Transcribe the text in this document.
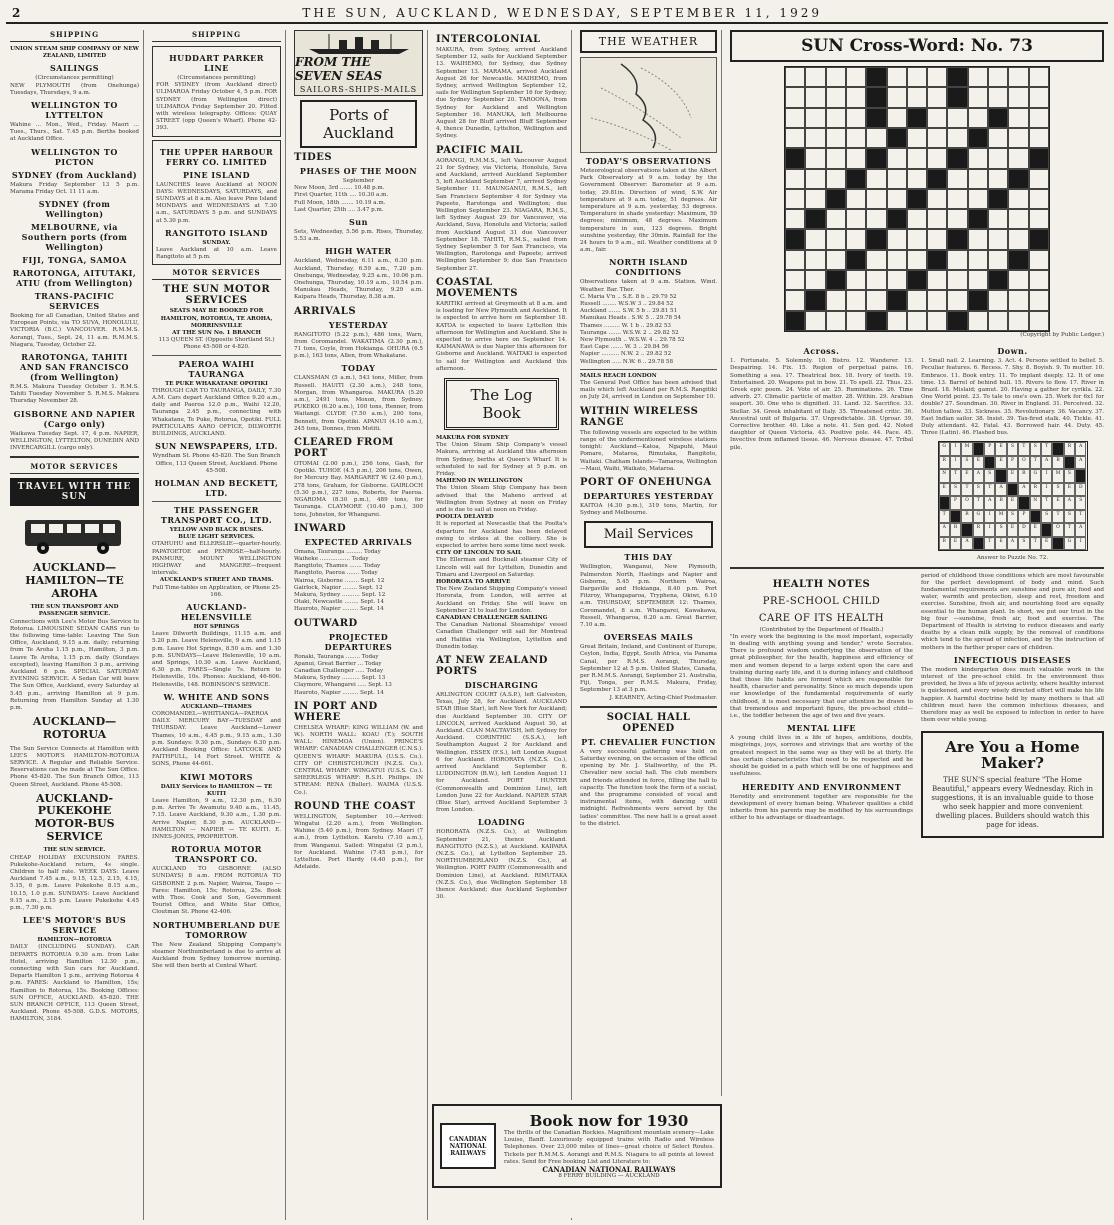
2	THE SUN, AUCKLAND, WEDNESDAY, SEPTEMBER 11, 1929
SHIPPING
UNION STEAM SHIP COMPANY OF NEW ZEALAND, LIMITED
SAILINGS
(Circumstances permitting)
NEW PLYMOUTH (from Onehunga) Tuesdays, Thursdays, 9 a.m.
WELLINGTON TO LYTTELTON
Wahine ... Mon., Wed., Friday. Maori ... Tues., Thurs., Sat. 7.45 p.m. Berths booked at Auckland Office.
WELLINGTON TO PICTON
SYDNEY (from Auckland)
Makura Friday September 13 5 p.m. Marama Friday Oct. 11 11 a.m.
SYDNEY (from Wellington)
MELBOURNE, via Southern ports (from Wellington)
FIJI, TONGA, SAMOA
RAROTONGA, AITUTAKI, ATIU (from Wellington)
TRANS-PACIFIC SERVICES
Booking for all Canadian, United States and European Points, via TO SUVA, HONOLULU, VICTORIA (B.C.) VANCOUVER. R.M.M.S. Aorangi, Tues., Sept. 24, 11 a.m. R.M.M.S. Niagara, Tuesday, October 22.
RAROTONGA, TAHITI AND SAN FRANCISCO (from Wellington)
R.M.S. Makura Tuesday October 1. R.M.S. Tahiti Tuesday November 5. R.M.S. Makura Thursday November 28.
GISBORNE AND NAPIER (Cargo only)
Waikawa Tuesday Sept. 17, 4 p.m. NAPIER, WELLINGTON, LYTTELTON, DUNEDIN AND INVERCARGILL (cargo only).
MOTOR SERVICES
TRAVEL WITH THE SUN
AUCKLAND—HAMILTON—TE AROHA
THE SUN TRANSPORT AND PASSENGER SERVICE.
Connections with Lee's Motor Bus Service to Rotorua. LIMOUSINE SEDAN CARS run to the following time-table: Leaving The Sun Office, Auckland, 9.15 a.m. daily; returning from Te Aroha 1.15 p.m., Hamilton, 3 p.m. Leave Te Aroha, 1.15 p.m. daily (Sundays excepted), leaving Hamilton 3 p.m., arriving Auckland 6 p.m. SPECIAL SATURDAY EVENING SERVICE. A Sedan Car will leave The Sun Office, Auckland, every Saturday at 5.45 p.m., arriving Hamilton at 9 p.m. Returning from Hamilton Sunday at 1.30 p.m.
AUCKLAND—ROTORUA
The Sun Service Connects at Hamilton with LEE'S MOTOR'S HAMILTON-ROTORUA SERVICE. A Regular and Reliable Service. Reservations can be made at The Sun Office. Phone 45-820. The Sun Branch Office, 113 Queen Street, Auckland. Phone 45-508.
AUCKLAND-PUKEKOHE MOTOR-BUS SERVICE
THE SUN SERVICE.
CHEAP HOLIDAY EXCURSION FARES. Pukekohe-Auckland return, 4s single. Children to half rate. WEEK DAYS: Leave Auckland 7.45 a.m., 9.15, 12.5, 2.15, 4.15, 5.15, 6 p.m. Leave Pukekohe 8.15 a.m., 10.15, 1.0 p.m. SUNDAYS: Leave Auckland 9.15 a.m., 2.15 p.m. Leave Pukekohe 4.45 p.m., 7.30 p.m.
LEE'S MOTOR'S BUS SERVICE
HAMILTON—ROTORUA
DAILY (INCLUDING SUNDAY). CAR DEPARTS ROTORUA 9.30 a.m. from Lake Hotel, arriving Hamilton 12.30 p.m., connecting with Sun cars for Auckland. Departs Hamilton 1 p.m., arriving Rotorua 4 p.m. FARES: Auckland to Hamilton, 15s; Hamilton to Rotorua, 15s. Booking Offices: SUN OFFICE, AUCKLAND. 45-820. THE SUN BRANCH OFFICE, 113 Queen Street, Auckland. Phone 45-508. G.D.S. MOTORS, HAMILTON, 3184.
SHIPPING
HUDDART PARKER LINE
(Circumstances permitting)
FOR SYDNEY (from Auckland direct) ULIMAROA Friday October 4, 5 p.m. FOR SYDNEY (from Wellington direct) ULIMAROA Friday September 20. Fitted with wireless telegraphy. Offices: QUAY STREET (opp Queen's Wharf). Phone 42-393.
THE UPPER HARBOUR FERRY CO. LIMITED
PINE ISLAND
LAUNCHES leave Auckland at NOON DAYS: WEDNESDAYS, SATURDAYS, and SUNDAYS at 8 a.m. Also leave Pine Island MONDAYS and WEDNESDAYS at 7.30 a.m., SATURDAYS 5 p.m. and SUNDAYS at 5.30 p.m.
RANGITOTO ISLAND
SUNDAY.
Leave Auckland at 10 a.m. Leave Rangitoto at 5 p.m.
MOTOR SERVICES
THE SUN MOTOR SERVICES
SEATS MAY BE BOOKED FOR HAMILTON, ROTORUA, TE AROHA, MORRINSVILLE
AT THE SUN No. 1 BRANCH
113 QUEEN ST. (Opposite Shortland St.) Phone 45-508 or 4-820.
PAEROA WAIHI TAURANGA
TE PUKE WHAKATANE OPOTIKI
THROUGH CAR TO TAURANGA, DAILY, 7.30 A.M. Cars depart Auckland Office 9.20 a.m., daily and Paeroa 12.0 p.m., Waihi 12.20, Tauranga 2.45 p.m., connecting with Whakatane, Te Puke, Rotorua, Opotiki. FULL PARTICULARS AARO OFFICE, DILWORTH BUILDINGS, AUCKLAND.
SUN NEWSPAPERS, LTD.
Wyndham St. Phone 45-820. The Sun Branch Office, 113 Queen Street, Auckland. Phone 45-508.
HOLMAN AND BECKETT, LTD.
THE PASSENGER TRANSPORT CO., LTD.
YELLOW AND BLACK BUSES.
BLUE LIGHT SERVICES.
OTAHUHU and ELLERSLIE—quarter-hourly. PAPATOETOE and PENROSE—half-hourly. PANMURE, MOUNT WELLINGTON HIGHWAY and MANGERE—frequent intervals.
AUCKLAND'S STREET AND TRAMS.
Full Time-tables on Application, or Phone 25-166.
AUCKLAND-HELENSVILLE
HOT SPRINGS
Leave Dilworth Buildings, 11.15 a.m. and 5.20 p.m. Leave Helensville, 9 a.m. and 1.15 p.m. Leave Hot Springs, 8.50 a.m. and 1.30 p.m. SUNDAYS—Leave Helensville, 10 a.m. and Springs, 10.30 a.m. Leave Auckland, 6.30 p.m. FARES—Single 7s. Return to Helensville, 10s. Phones: Auckland, 46-606. Helensville, 148. ROBINSON'S SERVICE.
W. WHITE AND SONS
AUCKLAND—THAMES
COROMANDEL—WHITIANGA—PAEROA DAILY. MERCURY BAY—TUESDAY and THURSDAY. Leave Auckland—Lower Thames, 10 a.m., 4.45 p.m., 9.15 a.m., 1.30 p.m. Sundays: 9.30 p.m., Sundays 6.30 p.m. Auckland Booking Office: LATCOCK AND FAITHFULL, 14 Fort Street. WHITE & SONS, Phone 44-661.
KIWI MOTORS
DAILY Services to HAMILTON — TE KUITI
Leave Hamilton, 9 a.m., 12.30 p.m., 6.30 p.m. Arrive Te Awamutu 9.40 a.m., 11.45, 7.15. Leave Auckland, 9.30 a.m., 1.30 p.m. Arrive Napier, 8.30 p.m. AUCKLAND—HAMILTON — NAPIER — TE KUITI. E. INNES-JONES, PROPRIETOR.
ROTORUA MOTOR TRANSPORT CO.
AUCKLAND TO GISBORNE (ALSO SUNDAYS) 8 a.m. FROM ROTORUA TO GISBORNE 2 p.m. Napier, Wairoa, Taupo — Fares: Hamilton, 15s; Rotorua, 25s. Book with Thos. Cook and Son, Government Tourist Office, and White Star Office, Cloutman St. Phone 42-406.
NORTHUMBERLAND DUE TOMORROW
The New Zealand Shipping Company's steamer Northumberland is due to arrive at Auckland from Sydney tomorrow morning. She will then berth at Central Wharf.
FROM THE SEVEN SEAS
SAILORS-SHIPS-MAILS
Ports of
Auckland
TIDES
PHASES OF THE MOON
September
New Moon, 3rd ....... 10.48 p.m.
First Quarter, 11th .... 10.30 a.m.
Full Moon, 18th ....... 10.19 a.m.
Last Quarter, 25th .... 3.47 p.m.
Sun
Sets, Wednesday, 5.56 p.m. Rises, Thursday, 5.53 a.m.
HIGH WATER
Auckland, Wednesday, 6.11 a.m., 6.30 p.m. Auckland, Thursday, 6.59 a.m., 7.20 p.m. Onehunga, Wednesday, 9.25 a.m., 10.06 p.m. Onehunga, Thursday, 10.19 a.m., 10.54 p.m. Manukau Heads, Thursday, 9.29 a.m. Kaipara Heads, Thursday, 8.38 a.m.
ARRIVALS
YESTERDAY
RANGITOTO (5.22 p.m.), 486 tons, Warn, from Coromandel. WAKATIMA (2.30 p.m.), 71 tons, Coyle, from Hokianga. OHURA (6.5 p.m.), 163 tons, Allen, from Whakatane.
TODAY
CLANSMAN (5 a.m.), 543 tons, Miller, from Russell. HAUITI (2.30 a.m.), 248 tons, Morgan, from Whangaroa. MAKURA (5.20 a.m.), 2491 tons, Moxon, from Sydney. PUKEKO (6.20 a.m.), 100 tons, Renner, from Waitangi. CLYDE (7.50 a.m.), 200 tons, Bennett, from Opotiki. APANUI (4.10 a.m.), 245 tons, Donnes, from Motiti.
CLEARED FROM PORT
OTOMAI (2.00 p.m.), 256 tons, Gash, for Opotiki. TUHOE (4.5 p.m.), 206 tons, Owen, for Mercury Bay. MARGARET W. (2.40 p.m.), 278 tons, Graham, for Gisborne. GAIRLOCH (5.30 p.m.), 227 tons, Roberts, for Paeroa. NGAROMA (8.30 p.m.), 489 tons, for Tauranga. CLAYMORE (10.40 p.m.), 300 tons, Johnston, for Whangarei.
INWARD
EXPECTED ARRIVALS
Omana, Tauranga ......... Today
Waiheke ................. Today
Rangitoto, Thames ....... Today
Rangitoto, Paeroa ....... Today
Wairoa, Gisborne ........ Sept. 12
Gairlock, Napier ........ Sept. 12
Makura, Sydney .......... Sept. 12
Otaki, Newcastle ........ Sept. 14
Hauroto, Napier ......... Sept. 14
OUTWARD
PROJECTED DEPARTURES
Ronaki, Tauranga ........ Today
Apanui, Great Barrier ... Today
Canadian Challenger ..... Today
Makura, Sydney .......... Sept. 13
Claymore, Whangarei ..... Sept. 13
Hauroto, Napier ......... Sept. 14
IN PORT AND WHERE
CHELSEA WHARF: KING WILLIAM (W. and W.). NORTH WALL: KOAU (T.); SOUTH WALL: HINEMOA (Union). PRINCE'S WHARF: CANADIAN CHALLENGER (C.N.S.). QUEEN'S WHARF: MAKURA (U.S.S. Co.). CITY OF CHRISTCHURCH (N.Z.S. Co.). CENTRAL WHARF: WINGATUI (U.S.S. Co.). SHEERLEGS WHARF: R.S.H. Phillips. IN STREAM: RENA (Buller). WAIMA (U.S.S. Co.).
ROUND THE COAST
WELLINGTON, September 10.—Arrived: Wingatui (2.20 a.m.), from Wellington. Wahine (5.40 p.m.), from Sydney. Maori (7 a.m.), from Lyttelton. Karetu (7.10 a.m.), from Wanganui. Sailed: Wingatui (2 p.m.), for Auckland. Wahine (7.45 p.m.), for Lyttelton. Port Hardy (4.40 p.m.), for Adelaide.
INTERCOLONIAL
MAKURA, from Sydney, arrived Auckland September 12, sails for Auckland September 13. WAIHEMO, for Sydney, due Sydney September 13. MARAMA, arrived Auckland August 26 for Newcastle. MAIHEMO, from Sydney, arrived Wellington September 12, sails for Wellington September 16 for Sydney; due Sydney September 20. TAROONA, from Sydney for Auckland and Wellington September 16. MANUKA, left Melbourne August 28 for Bluff arrived Bluff September 4, thence Dunedin, Lyttelton, Wellington and Sydney.
PACIFIC MAIL
AORANGI, R.M.M.S., left Vancouver August 21 for Sydney, via Victoria, Honolulu, Suva and Auckland, arrived Auckland September 5, left Auckland September 7, arrived Sydney September 11. MAUNGANUI, R.M.S., left San Francisco September 4 for Sydney via Papeete, Rarotonga and Wellington; due Wellington September 23. NIAGARA, R.M.S., left Sydney August 29 for Vancouver, via Auckland, Suva, Honolulu and Victoria; sailed from Auckland August 31 due Vancouver September 18. TAHITI, R.M.S., sailed from Sydney September 5 for San Francisco, via Wellington, Rarotonga and Papeete; arrived Wellington September 9; due San Francisco September 27.
COASTAL MOVEMENTS
KARITIKI arrived at Greymouth at 8 a.m. and is loading for New Plymouth and Auckland. It is expected to arrive here on September 18. KATOA is expected to leave Lyttelton this afternoon for Wellington and Auckland. She is expected to arrive here on September 14. KAIMANAWA is due Napier this afternoon for Gisborne and Auckland. WAITAKI is expected to sail for Wellington and Auckland this afternoon.
The Log Book
MAKURA FOR SYDNEY
The Union Steam Ship Company's vessel Makura, arriving at Auckland this afternoon from Sydney, berths at Queen's Wharf. It is scheduled to sail for Sydney at 5 p.m. on Friday.
MAHENO IN WELLINGTON
The Union Steam Ship Company has been advised that the Maheno arrived at Wellington from Sydney at noon on Friday and is due to sail at noon on Friday.
POOLTA DELAYED
It is reported at Newcastle that the Poolta's departure for Auckland has been delayed owing to strikes at the colliery. She is expected to arrive here some time next week.
CITY OF LINCOLN TO SAIL
The Ellerman and Bucknall steamer City of Lincoln will sail for Lyttelton, Dunedin and Timaru and Liverpool on Saturday.
HORORATA TO ARRIVE
The New Zealand Shipping Company's vessel Hororata, from London, will arrive at Auckland on Friday. She will leave on September 21 to load for London.
CANADIAN CHALLENGER SAILING
The Canadian National Steamships' vessel Canadian Challenger will sail for Montreal and Halifax via Wellington, Lyttelton and Dunedin today.
AT NEW ZEALAND PORTS
DISCHARGING
ARLINGTON COURT (A.S.P.), left Galveston, Texas, July 28, for Auckland. AUCKLAND STAR (Blue Star), left New York for Auckland; due Auckland September 30. CITY OF LINCOLN, arrived Auckland August 30, at Auckland. CLAN MACTAVISH, left Sydney for Auckland. CORINTHIC (S.S.A.), left Southampton August 2 for Auckland and Wellington. ESSEX (F.S.), left London August 6 for Auckland. HORORATA (N.Z.S. Co.), arrived Auckland September 6. LUDDINGTON (B.W.), left London August 11 for Auckland. PORT HUNTER (Commonwealth and Dominion Line), left London June 22 for Auckland. NAPIER STAR (Blue Star), arrived Auckland September 3 from London.
LOADING
HORORATA (N.Z.S. Co.), at Wellington September 21, thence Auckland. RANGITOTO (N.Z.S.), at Auckland. KAIPARA (N.Z.S. Co.), at Lyttelton September 25. NORTHUMBERLAND (N.Z.S. Co.), at Wellington. PORT FAIRY (Commonwealth and Dominion Line), at Auckland. RIMUTAKA (N.Z.S. Co.), due Wellington September 18 thence Auckland; due Auckland September 30.
CANADIAN NATIONAL RAILWAYS
Book now for 1930
The thrills of the Canadian Rockies. Magnificent mountain scenery—Lake Louise, Banff. Luxuriously equipped trains with Radio and Wireless Telephones. Over 23,000 miles of lines—great choice of Select Routes. Tickets per R.M.M.S. Aorangi and R.M.S. Niagara to all points at lowest rates. Send for Free booking List and Literature to:
CANADIAN NATIONAL RAILWAYS
8 FERRY BUILDING — AUCKLAND
THE WEATHER
TODAY'S OBSERVATIONS
Meteorological observations taken at the Albert Park Observatory at 9 a.m. today by the Government Observer: Barometer at 9 a.m. today, 29.81in. Direction of wind, S.W. Air temperature at 9 a.m. today, 51 degrees. Air temperature at 9 a.m. yesterday, 53 degrees. Temperature in shade yesterday: Maximum, 59 degrees; minimum, 48 degrees. Maximum temperature in sun, 123 degrees. Bright sunshine yesterday, 6hr 30min. Rainfall for the 24 hours to 9 a.m., nil. Weather conditions at 9 a.m., fair.
NORTH ISLAND CONDITIONS
Observations taken at 9 a.m. Station. Wind. Weather. Bar. Ther.
C. Maria V'n .. S.E. 8 b .. 29.79 52
Russell ........ W.S.W 3 .. 29.84 52
Auckland ....... S.W. 5 b .. 29.81 51
Manukau Heads . S.W. 5 .. 29.78 54
Thames ......... W. 1 b .. 29.82 53
Tauranga ....... W.S.W. 2 .. 29.82 52
New Plymouth .. W.S.W. 4 .. 29.78 52
East Cape ....... W. 3 .. 29.84 56
Napier .......... N.W. 2 .. 29.82 52
Wellington ..... N.W. 6 .. 29.78 58
MAILS REACH LONDON
The General Post Office has been advised that mails which left Auckland per R.M.S. Rangitiki on July 24, arrived in London on September 10.
WITHIN WIRELESS RANGE
The following vessels are expected to be within range of the undermentioned wireless stations tonight: Auckland—Katoa, Ngapuhi, Maui Pomare, Mataroa, Rimutaka, Rangitoto, Waitaki. Chatham Islands—Tamaroa, Wellington—Maui, Waihi, Waikato, Mataroa.
PORT OF ONEHUNGA
DEPARTURES YESTERDAY
KAITOA (4.30 p.m.), 319 tons, Martin, for Sydney and Melbourne.
Mail Services
THIS DAY
Wellington, Wanganui, New Plymouth, Palmerston North, Hastings and Napier and Gisborne, 5.45 p.m. Northern Wairoa, Dargaville and Hokianga, 8.40 p.m. Port Fitzroy, Whangaparoa, Tryphena, Okiwi, 6.10 a.m. THURSDAY, SEPTEMBER 12: Thames, Coromandel, 8 a.m. Whangarei, Kawakawa, Russell, Whangaroa, 6.20 a.m. Great Barrier, 7.10 a.m.
OVERSEAS MAILS
Great Britain, Ireland, and Continent of Europe, Ceylon, India, Egypt, South Africa, via Panama Canal, per R.M.S. Aorangi, Thursday, September 12 at 5 p.m. United States, Canada, per R.M.M.S. Aorangi, September 21. Australia, Fiji, Tonga, per R.M.S. Makura, Friday, September 13 at 3 p.m.
J. KEARNEY, Acting-Chief Postmaster.
SOCIAL HALL OPENED
PT. CHEVALIER FUNCTION
A very successful gathering was held on Saturday evening, on the occasion of the official opening by Mr. J. Stallworthy, of the Pt. Chevalier new social hall. The club members and friends attended in force, filling the hall to capacity. The function took the form of a social, and the programme consisted of vocal and instrumental items, with dancing until midnight. Refreshments were served by the ladies' committee. The new hall is a great asset to the district.
SUN Cross-Word: No. 73
(Copyright by Public Ledger.)
Across.
1. Fortunate. 5. Solemnly. 10. Bistro. 12. Wanderer. 13. Despairing. 14. Fix. 15. Region of perpetual pains. 16. Something a sea. 17. Theatrical box. 18. Ivory of teeth. 19. Entertained. 20. Weapons put in bow. 21. To spell. 22. Thus. 23. Greek epic poem. 24. Vote of air. 25. Ruminations. 26. Time adverb. 27. Climatic particle of matter. 28. Within. 29. Arabian seaport. 30. One who is dignified. 31. Land. 32. Sacrifice. 33. Stellar. 34. Greek inhabitant of Italy. 35. Threatened critic. 36. Ancestral unit of Bulgaria. 37. Unpredictable. 38. Uproar. 39. Corrective brother. 40. Like a note. 41. Sun god. 42. Noted daughter of Queen Victoria. 43. Positive pole. 44. Pace. 45. Invective from inflamed tissue. 46. Nervous disease. 47. Tribal pile.
Down.
1. Small nail. 2. Learning. 3. Act. 4. Persons settled to belief. 5. Peculiar features. 6. Recess. 7. Shy. 8. Boyish. 9. To mutter. 10. Embrace. 11. Book entry. 11. To implant deeply. 12. It of one time. 13. Barrel of behind hull. 15. Rivers to flow. 17. River in Brazil. 18. Mislaid; gamut. 20. Having a gather for cyrikla. 22. One World point. 23. To tale to one's own. 25. Work for 6x1 for double? 27. Soundman. 30. River in England. 31. Perceived. 32. Mutton tallow. 33. Sickness. 35. Revolutionary. 36. Vacancy. 37. East Indian sailor. 38. Insist. 39. Tax-fired stalk. 40. Tickle. 41. Duly attendant. 42. Fatal. 43. Borrowed hair. 44. Duty. 45. Three (Latin). 46. Flashed bus.
G	I	M	P	E	S	T	S	T	R	A
R	I	S	E	E	P	O	T	A	B	A
N	T	E	A	S	E	R	G	I	M	S
E	S	T	S	T	A	A	R	I	S	E	D
P	O	T	A	B	E	N	T	E	A	S
T	R	G	I	M	S	P	S	T	S	T
A	R	R	I	S	E	D	E	O	T	A
B	E	A	T	E	A	S	T	E	G	I
Answer to Puzzle No. 72.
HEALTH NOTES
PRE-SCHOOL CHILD
CARE OF ITS HEALTH
(Contributed by the Department of Health.)
"In every work the beginning is the most important, especially in dealing with anything young and tender," wrote Socrates. There is profound wisdom underlying the observation of the great philosopher, for the health, happiness and efficiency of men and women depend to a large extent upon the care and training during early life, and it is during infancy and childhood that those life habits are formed which are responsible for health, character and personality. Since so much depends upon our knowledge of the fundamental requirements of early childhood, it is most necessary that our attention be drawn to that tremendous and important figure, the pre-school child—i.e., the toddler between the age of two and five years.
MENTAL LIFE
A young child lives in a life of hopes, ambitions, doubts, misgivings, joys, sorrows and strivings that are worthy of the greatest respect in the same way as they will be at thirty. He has certain characteristics that need to be respected and he should be guided in a path which will be one of happiness and usefulness.
HEREDITY AND ENVIRONMENT
Heredity and environment together are responsible for the development of every human being. Whatever qualities a child inherits from his parents may be modified by his surroundings either to his advantage or disadvantage.
period of childhood those conditions which are most favourable for the perfect development of body and mind. Such fundamental requirements are sunshine and pure air, food and water, warmth and protection, sleep and rest, freedom and exercise. Sunshine, fresh air, and nourishing food are equally essential to the human plant. In short, we put our trust in the big four —sunshine, fresh air, food and exercise. The Department of Health is striving to reduce diseases and early deaths by a clean milk supply, by the removal of conditions which tend to the spread of infection, and by the instruction of mothers in the further proper care of children.
INFECTIOUS DISEASES
The modern kindergarten does much valuable work in the interest of the pre-school child. In the environment thus provided, he lives a life of joyous activity, where healthy interest is quickened, and every wisely directed effort will make his life happier. A harmful doctrine held by many mothers is that all children must have the common infectious diseases, and therefore may as well be exposed to infection in order to have them over while young.
Are You a Home Maker?
THE SUN'S special feature "The Home Beautiful," appears every Wednesday. Rich in suggestions, it is an invaluable guide to those who seek happier and more convenient dwelling places. Builders should watch this page for ideas.
